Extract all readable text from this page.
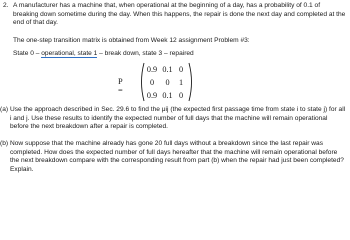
2. A manufacturer has a machine that, when operational at the beginning of a day, has a probability of 0.1 of breaking down sometime during the day. When this happens, the repair is done the next day and completed at the end of that day.
The one-step transition matrix is obtained from Week 12 assignment Problem #3:
State 0 – operational, state 1 – break down, state 3 – repaired
P =
0.9 0.1 0
0	0	1
0.9 0.1 0
(a) Use the approach described in Sec. 29.6 to find the μij (the expected first passage time from state i to state j) for all i and j. Use these results to identify the expected number of full days that the machine will remain operational before the next breakdown after a repair is completed.
(b) Now suppose that the machine already has gone 20 full days without a breakdown since the last repair was completed. How does the expected number of full days hereafter that the machine will remain operational before the next breakdown compare with the corresponding result from part (b) when the repair had just been completed? Explain.
